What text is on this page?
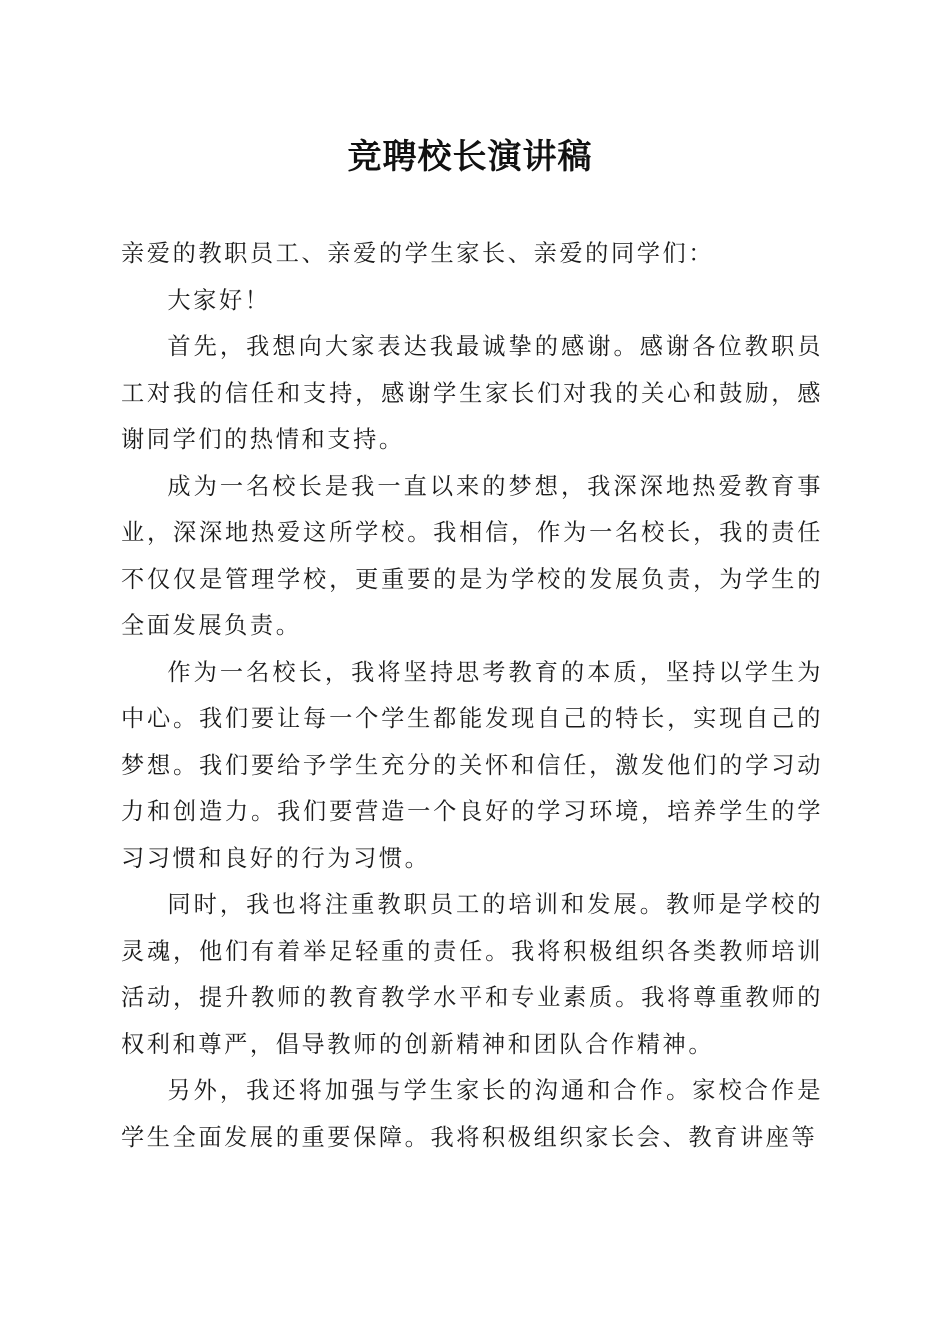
竞聘校长演讲稿

亲爱的教职员工、亲爱的学生家长、亲爱的同学们：

大家好！

首先，我想向大家表达我最诚挚的感谢。感谢各位教职员工对我的信任和支持，感谢学生家长们对我的关心和鼓励，感谢同学们的热情和支持。

成为一名校长是我一直以来的梦想，我深深地热爱教育事业，深深地热爱这所学校。我相信，作为一名校长，我的责任不仅仅是管理学校，更重要的是为学校的发展负责，为学生的全面发展负责。

作为一名校长，我将坚持思考教育的本质，坚持以学生为中心。我们要让每一个学生都能发现自己的特长，实现自己的梦想。我们要给予学生充分的关怀和信任，激发他们的学习动力和创造力。我们要营造一个良好的学习环境，培养学生的学习习惯和良好的行为习惯。

同时，我也将注重教职员工的培训和发展。教师是学校的灵魂，他们有着举足轻重的责任。我将积极组织各类教师培训活动，提升教师的教育教学水平和专业素质。我将尊重教师的权利和尊严，倡导教师的创新精神和团队合作精神。

另外，我还将加强与学生家长的沟通和合作。家校合作是学生全面发展的重要保障。我将积极组织家长会、教育讲座等
